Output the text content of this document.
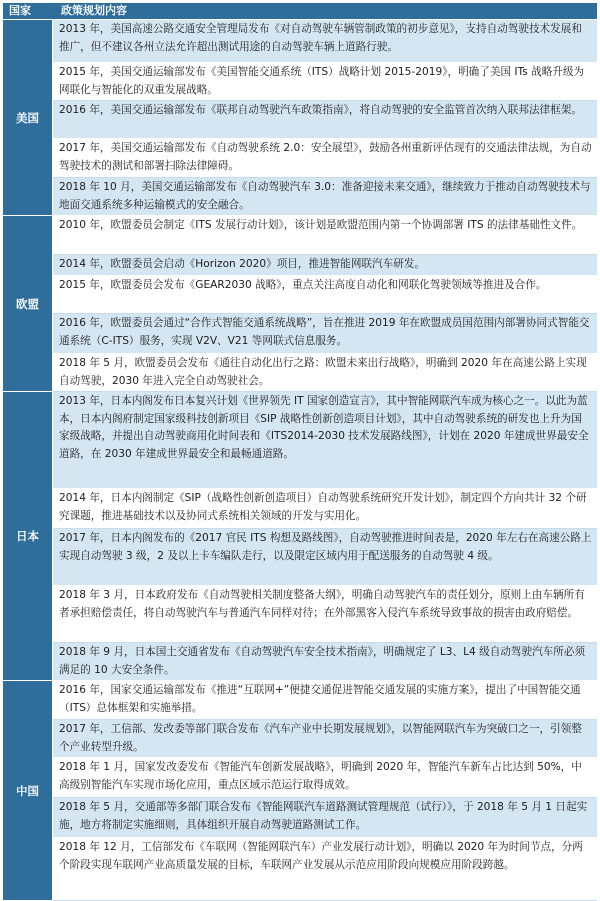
国家	政策规划内容
美国
2013 年，美国高速公路交通安全管理局发布《对自动驾驶车辆管制政策的初步意见》，支持自动驾驶技术发展和推广，但不建议各州立法允许超出测试用途的自动驾驶车辆上道路行驶。
2015 年，美国交通运输部发布《美国智能交通系统（ITS）战略计划 2015-2019》，明确了美国 ITs 战略升级为网联化与智能化的双重发展战略。
2016 年，美国交通运输部发布《联邦自动驾驶汽车政策指南》，将自动驾驶的安全监管首次纳入联邦法律框架。
2017 年，美国交通运输部发布《自动驾驶系统 2.0：安全展望》，鼓励各州重新评估现有的交通法律法规，为自动驾驶技术的测试和部署扫除法律障碍。
2018 年 10 月，美国交通运输部发布《自动驾驶汽车 3.0：准备迎接未来交通》，继续致力于推动自动驾驶技术与地面交通系统多种运输模式的安全融合。
欧盟
2010 年，欧盟委员会制定《ITS 发展行动计划》，该计划是欧盟范围内第一个协调部署 ITS 的法律基础性文件。
2014 年，欧盟委员会启动《Horizon 2020》项目，推进智能网联汽车研发。
2015 年，欧盟委员会发布《GEAR2030 战略》，重点关注高度自动化和网联化驾驶领域等推进及合作。
2016 年，欧盟委员会通过“合作式智能交通系统战略”，旨在推进 2019 年在欧盟成员国范围内部署协同式智能交通系统（C-ITS）服务，实现 V2V、V21 等网联式信息服务。
2018 年 5 月，欧盟委员会发布《通往自动化出行之路：欧盟未来出行战略》，明确到 2020 年在高速公路上实现自动驾驶，2030 年进入完全自动驾驶社会。
日本
2013 年，日本内阁发布日本复兴计划《世界领先 IT 国家创造宣言》，其中智能网联汽车成为核心之一。以此为蓝本，日本内阁府制定国家级科技创新项目《SIP 战略性创新创造项目计划》，其中自动驾驶系统的研发也上升为国家级战略，并提出自动驾驶商用化时间表和《ITS2014-2030 技术发展路线图》，计划在 2020 年建成世界最安全道路，在 2030 年建成世界最安全和最畅通道路。
2014 年，日本内阁制定《SIP（战略性创新创造项目）自动驾驶系统研究开发计划》，制定四个方向共计 32 个研究课题，推进基础技术以及协同式系统相关领域的开发与实用化。
2017 年，日本内阁发布的《2017 官民 ITS 构想及路线图》，自动驾驶推进时间表是，2020 年左右在高速公路上实现自动驾驶 3 级，2 及以上卡车编队走行，以及限定区域内用于配送服务的自动驾驶 4 级。
2018 年 3 月，日本政府发布《自动驾驶相关制度整备大纲》，明确自动驾驶汽车的责任划分，原则上由车辆所有者承担赔偿责任，将自动驾驶汽车与普通汽车同样对待；在外部黑客入侵汽车系统导致事故的损害由政府赔偿。
2018 年 9 月，日本国土交通省发布《自动驾驶汽车安全技术指南》，明确规定了 L3、L4 级自动驾驶汽车所必须满足的 10 大安全条件。
中国
2016 年，国家交通运输部发布《推进“互联网+”便捷交通促进智能交通发展的实施方案》，提出了中国智能交通（ITS）总体框架和实施举措。
2017 年，工信部、发改委等部门联合发布《汽车产业中长期发展规划》，以智能网联汽车为突破口之一，引领整个产业转型升级。
2018 年 1 月，国家发改委发布《智能汽车创新发展战略》，明确到 2020 年，智能汽车新车占比达到 50%，中高级别智能汽车实现市场化应用，重点区域示范运行取得成效。
2018 年 5 月，交通部等多部门联合发布《智能网联汽车道路测试管理规范（试行）》，于 2018 年 5 月 1 日起实施，地方将制定实施细则，具体组织开展自动驾驶道路测试工作。
2018 年 12 月，工信部发布《车联网（智能网联汽车）产业发展行动计划》，明确以 2020 年为时间节点，分两个阶段实现车联网产业高质量发展的目标，车联网产业发展从示范应用阶段向规模应用阶段跨越。
